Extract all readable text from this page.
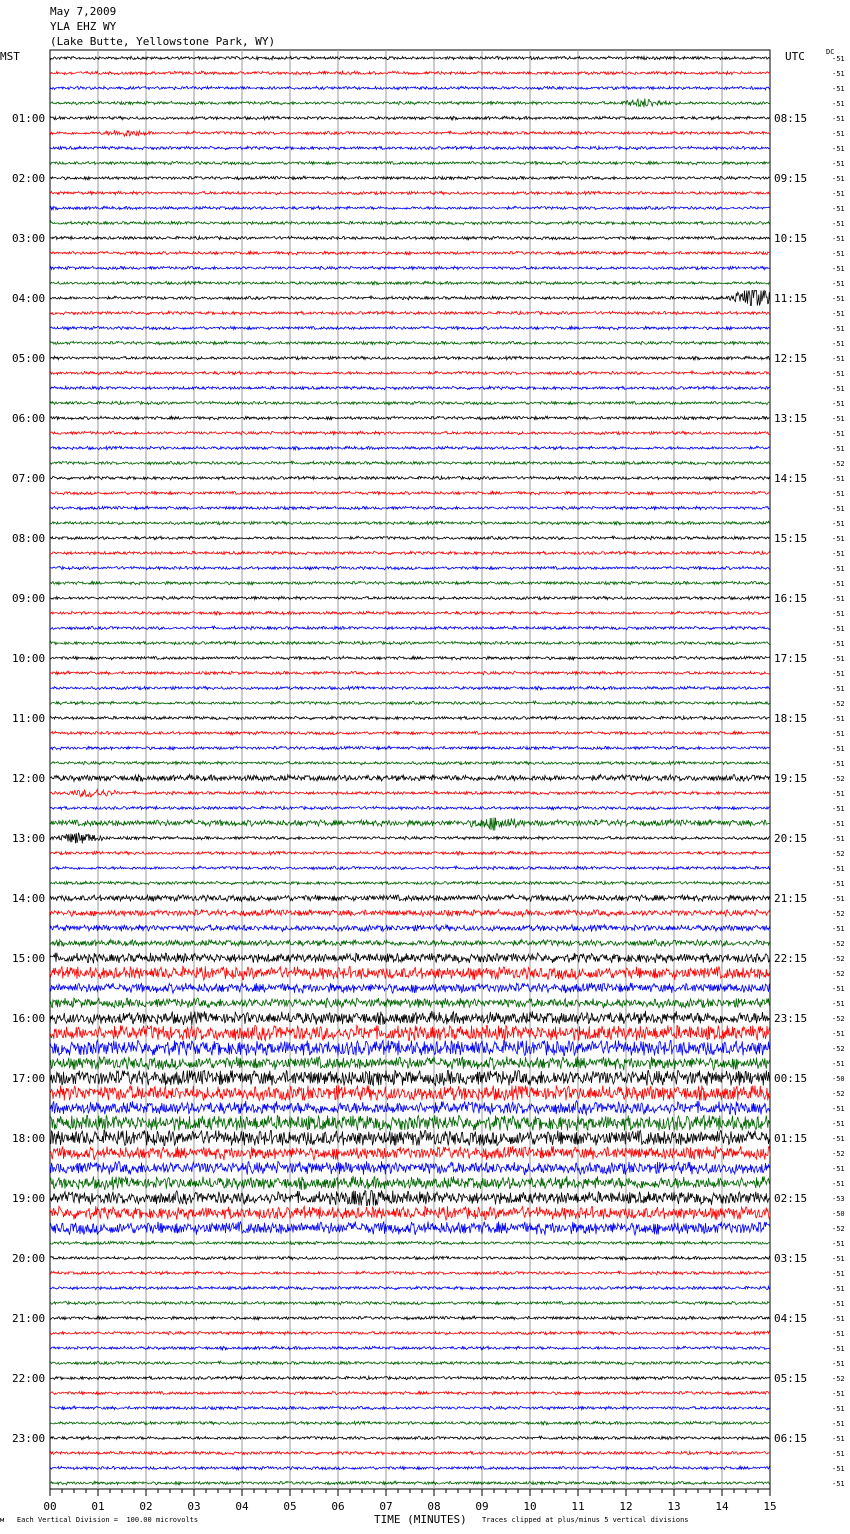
May 7,2009
YLA EHZ WY
(Lake Butte, Yellowstone Park, WY)
MST	UTC	DC
00	01	02	03	04	05	06	07	08	09	10	11	12	13	14	15
-51
-51
-51
-51
-51
-51
-51
-51
-51
-51
-51
-51
-51
-51
-51
-51
-51
-51
-51
-51
-51
-51
-51
-51
-51
-51
-51
-52
-51
-51
-51
-51
-51
-51
-51
-51
-51
-51
-51
-51
-51
-51
-51
-52
-51
-51
-51
-51
-52
-51
-51
-51
-51
-52
-51
-51
-51
-52
-51
-52
-52
-52
-51
-51
-52
-51
-52
-51
-50
-52
-51
-51
-51
-52
-51
-51
-53
-50
-52
-51
-51
-51
-51
-51
-51
-51
-51
-51
-52
-51
-51
-51
-51
-51
-51
-51
01:00
02:00
03:00
04:00
05:00
06:00
07:00
08:00
09:00
10:00
11:00
12:00
13:00
14:00
15:00
16:00
17:00
18:00
19:00
20:00
21:00
22:00
23:00
08:15
09:15
10:15
11:15
12:15
13:15
14:15
15:15
16:15
17:15
18:15
19:15
20:15
21:15
22:15
23:15
00:15
01:15
02:15
03:15
04:15
05:15
06:15
м Each Vertical Division =  100.00 microvolts	TIME (MINUTES) Traces clipped at plus/minus 5 vertical divisions
